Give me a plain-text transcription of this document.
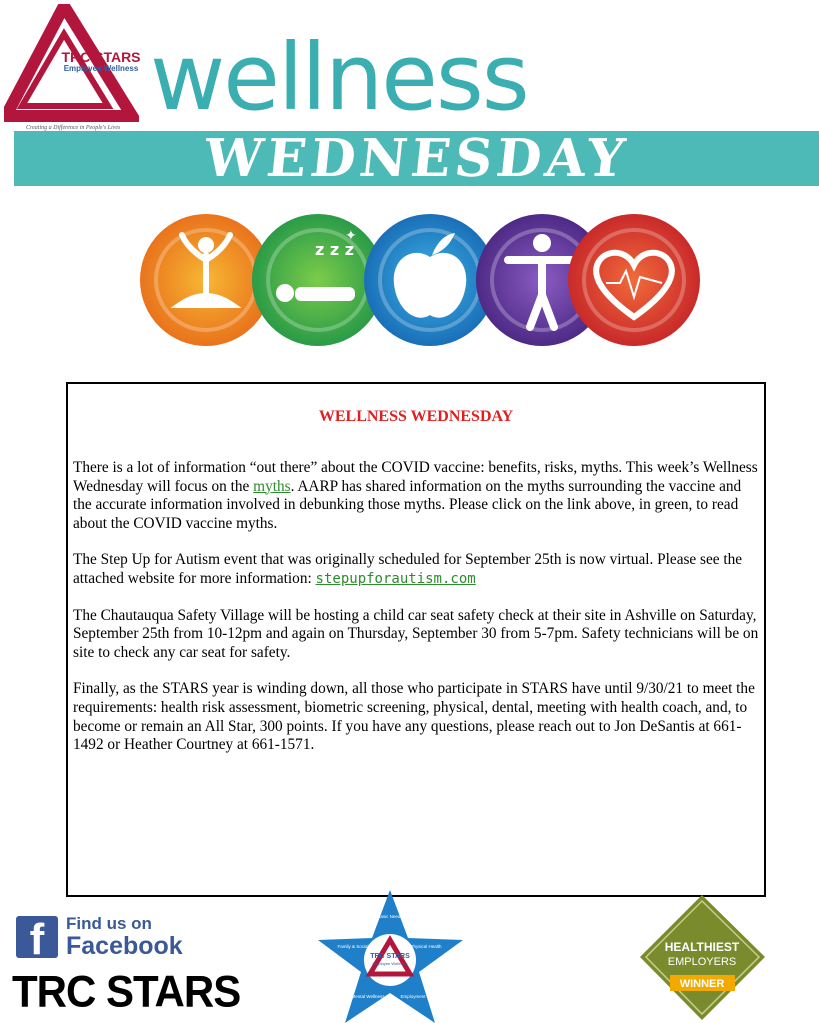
TRC STARS
Employee Wellness
Creating a Difference in People's Lives wellness
WEDNESDAY
z z z
✦
WELLNESS WEDNESDAY

There is a lot of information “out there” about the COVID vaccine: benefits, risks, myths. This week’s Wellness Wednesday will focus on the myths. AARP has shared information on the myths surrounding the vaccine and the accurate information involved in debunking those myths. Please click on the link above, in green, to read about the COVID vaccine myths.

The Step Up for Autism event that was originally scheduled for September 25th is now virtual. Please see the attached website for more information: stepupforautism.com

The Chautauqua Safety Village will be hosting a child car seat safety check at their site in Ashville on Saturday, September 25th from 10-12pm and again on Thursday, September 30 from 5-7pm. Safety technicians will be on site to check any car seat for safety.

Finally, as the STARS year is winding down, all those who participate in STARS have until 9/30/21 to meet the requirements: health risk assessment, biometric screening, physical, dental, meeting with health coach, and, to become or remain an All Star, 300 points. If you have any questions, please reach out to Jon DeSantis at 661-1492 or Heather Courtney at 661-1571.

f	Find us on
Facebook
TRC STARS
TRC STARS
Employee Wellness
Basic Needs
Physical Health
Employment
Mental Wellness
Family & Social	HEALTHIEST
EMPLOYERS
WINNER
